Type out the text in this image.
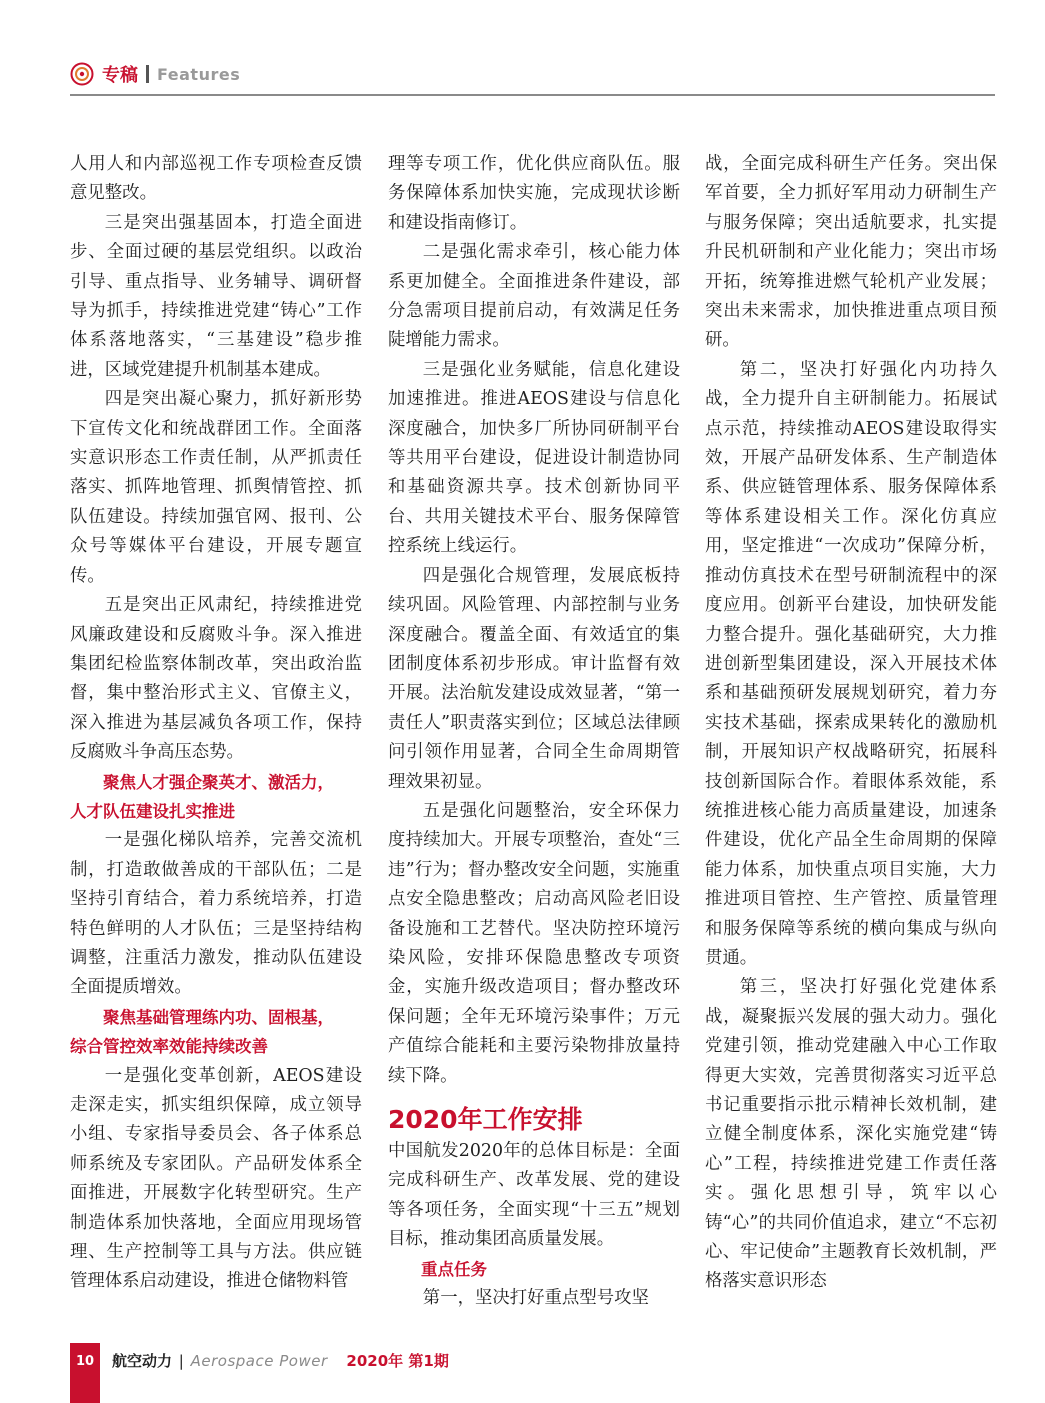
专稿 Features

人用人和内部巡视工作专项检查反馈意见整改。

三是突出强基固本，打造全面进步、全面过硬的基层党组织。以政治引导、重点指导、业务辅导、调研督导为抓手，持续推进党建“铸心”工作体系落地落实，“三基建设”稳步推进，区域党建提升机制基本建成。

四是突出凝心聚力，抓好新形势下宣传文化和统战群团工作。全面落实意识形态工作责任制，从严抓责任落实、抓阵地管理、抓舆情管控、抓队伍建设。持续加强官网、报刊、公众号等媒体平台建设，开展专题宣传。

五是突出正风肃纪，持续推进党风廉政建设和反腐败斗争。深入推进集团纪检监察体制改革，突出政治监督，集中整治形式主义、官僚主义，深入推进为基层减负各项工作，保持反腐败斗争高压态势。

聚焦人才强企聚英才、激活力，
人才队伍建设扎实推进

一是强化梯队培养，完善交流机制，打造敢做善成的干部队伍；二是坚持引育结合，着力系统培养，打造特色鲜明的人才队伍；三是坚持结构调整，注重活力激发，推动队伍建设全面提质增效。

聚焦基础管理练内功、固根基，
综合管控效率效能持续改善

一是强化变革创新，AEOS建设走深走实，抓实组织保障，成立领导小组、专家指导委员会、各子体系总师系统及专家团队。产品研发体系全面推进，开展数字化转型研究。生产制造体系加快落地，全面应用现场管理、生产控制等工具与方法。供应链管理体系启动建设，推进仓储物料管

理等专项工作，优化供应商队伍。服务保障体系加快实施，完成现状诊断和建设指南修订。

二是强化需求牵引，核心能力体系更加健全。全面推进条件建设，部分急需项目提前启动，有效满足任务陡增能力需求。

三是强化业务赋能，信息化建设加速推进。推进AEOS建设与信息化深度融合，加快多厂所协同研制平台等共用平台建设，促进设计制造协同和基础资源共享。技术创新协同平台、共用关键技术平台、服务保障管控系统上线运行。

四是强化合规管理，发展底板持续巩固。风险管理、内部控制与业务深度融合。覆盖全面、有效适宜的集团制度体系初步形成。审计监督有效开展。法治航发建设成效显著，“第一责任人”职责落实到位；区域总法律顾问引领作用显著，合同全生命周期管理效果初显。

五是强化问题整治，安全环保力度持续加大。开展专项整治，查处“三违”行为；督办整改安全问题，实施重点安全隐患整改；启动高风险老旧设备设施和工艺替代。坚决防控环境污染风险，安排环保隐患整改专项资金，实施升级改造项目；督办整改环保问题；全年无环境污染事件；万元产值综合能耗和主要污染物排放量持续下降。

2020年工作安排

中国航发2020年的总体目标是：全面完成科研生产、改革发展、党的建设等各项任务，全面实现“十三五”规划目标，推动集团高质量发展。

重点任务

第一，坚决打好重点型号攻坚

战，全面完成科研生产任务。突出保军首要，全力抓好军用动力研制生产与服务保障；突出适航要求，扎实提升民机研制和产业化能力；突出市场开拓，统筹推进燃气轮机产业发展；突出未来需求，加快推进重点项目预研。

第二，坚决打好强化内功持久战，全力提升自主研制能力。拓展试点示范，持续推动AEOS建设取得实效，开展产品研发体系、生产制造体系、供应链管理体系、服务保障体系等体系建设相关工作。深化仿真应用，坚定推进“一次成功”保障分析，推动仿真技术在型号研制流程中的深度应用。创新平台建设，加快研发能力整合提升。强化基础研究，大力推进创新型集团建设，深入开展技术体系和基础预研发展规划研究，着力夯实技术基础，探索成果转化的激励机制，开展知识产权战略研究，拓展科技创新国际合作。着眼体系效能，系统推进核心能力高质量建设，加速条件建设，优化产品全生命周期的保障能力体系，加快重点项目实施，大力推进项目管控、生产管控、质量管理和服务保障等系统的横向集成与纵向贯通。

第三，坚决打好强化党建体系战，凝聚振兴发展的强大动力。强化党建引领，推动党建融入中心工作取得更大实效，完善贯彻落实习近平总书记重要指示批示精神长效机制，建立健全制度体系，深化实施党建“铸心”工程，持续推进党建工作责任落实。强化思想引导，筑牢以心铸“心”的共同价值追求，建立“不忘初心、牢记使命”主题教育长效机制，严格落实意识形态

10	航空动力 | Aerospace Power 2020年 第1期
